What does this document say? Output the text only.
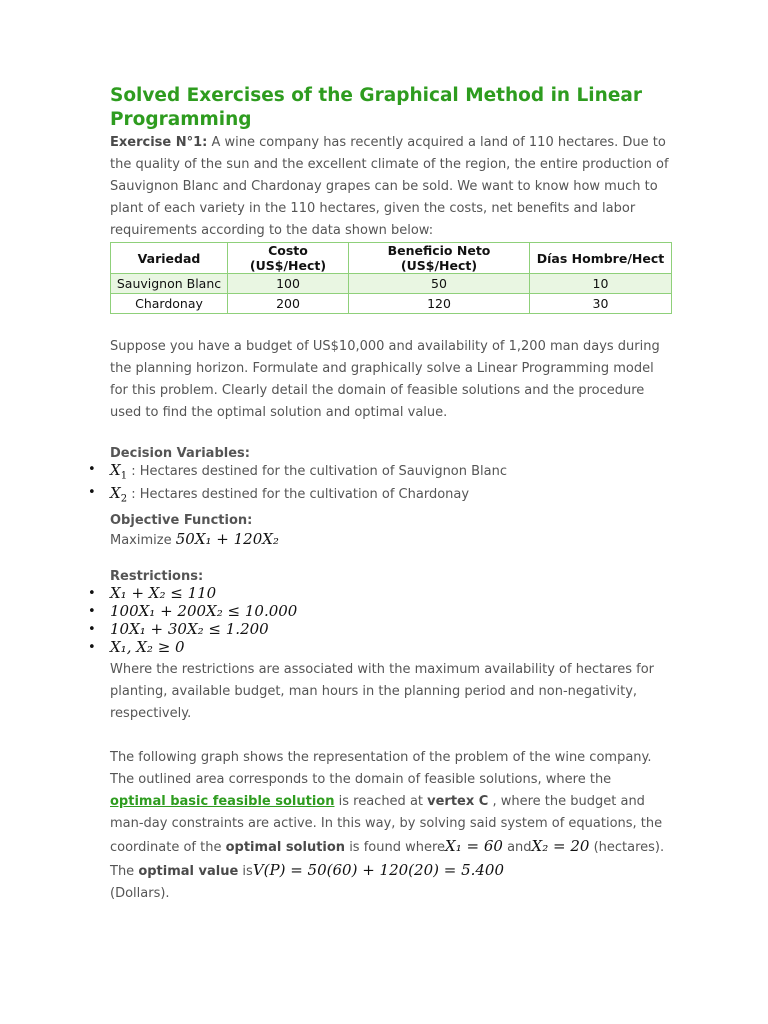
Solved Exercises of the Graphical Method in Linear Programming

Exercise N°1: A wine company has recently acquired a land of 110 hectares. Due to the quality of the sun and the excellent climate of the region, the entire production of Sauvignon Blanc and Chardonay grapes can be sold. We want to know how much to plant of each variety in the 110 hectares, given the costs, net benefits and labor requirements according to the data shown below:

Variedad	Costo (US$/Hect)	Beneficio Neto (US$/Hect)	Días Hombre/Hect
Sauvignon Blanc	100	50	10
Chardonay	200	120	30

Suppose you have a budget of US$10,000 and availability of 1,200 man days during the planning horizon. Formulate and graphically solve a Linear Programming model for this problem. Clearly detail the domain of feasible solutions and the procedure used to find the optimal solution and optimal value.

Decision Variables:

• $X_1$ : Hectares destined for the cultivation of Sauvignon Blanc
• $X_2$ : Hectares destined for the cultivation of Chardonay

Objective Function:

Maximize 50X₁ + 120X₂

Restrictions:

• X₁ + X₂ ≤ 110
• 100X₁ + 200X₂ ≤ 10.000
• 10X₁ + 30X₂ ≤ 1.200
• X₁, X₂ ≥ 0

Where the restrictions are associated with the maximum availability of hectares for planting, available budget, man hours in the planning period and non-negativity, respectively.

The following graph shows the representation of the problem of the wine company. The outlined area corresponds to the domain of feasible solutions, where the optimal basic feasible solution is reached at vertex C , where the budget and man-day constraints are active. In this way, by solving said system of equations, the coordinate of the optimal solution is found whereX₁ = 60 andX₂ = 20 (hectares). The optimal value isV(P) = 50(60) + 120(20) = 5.400
(Dollars).
